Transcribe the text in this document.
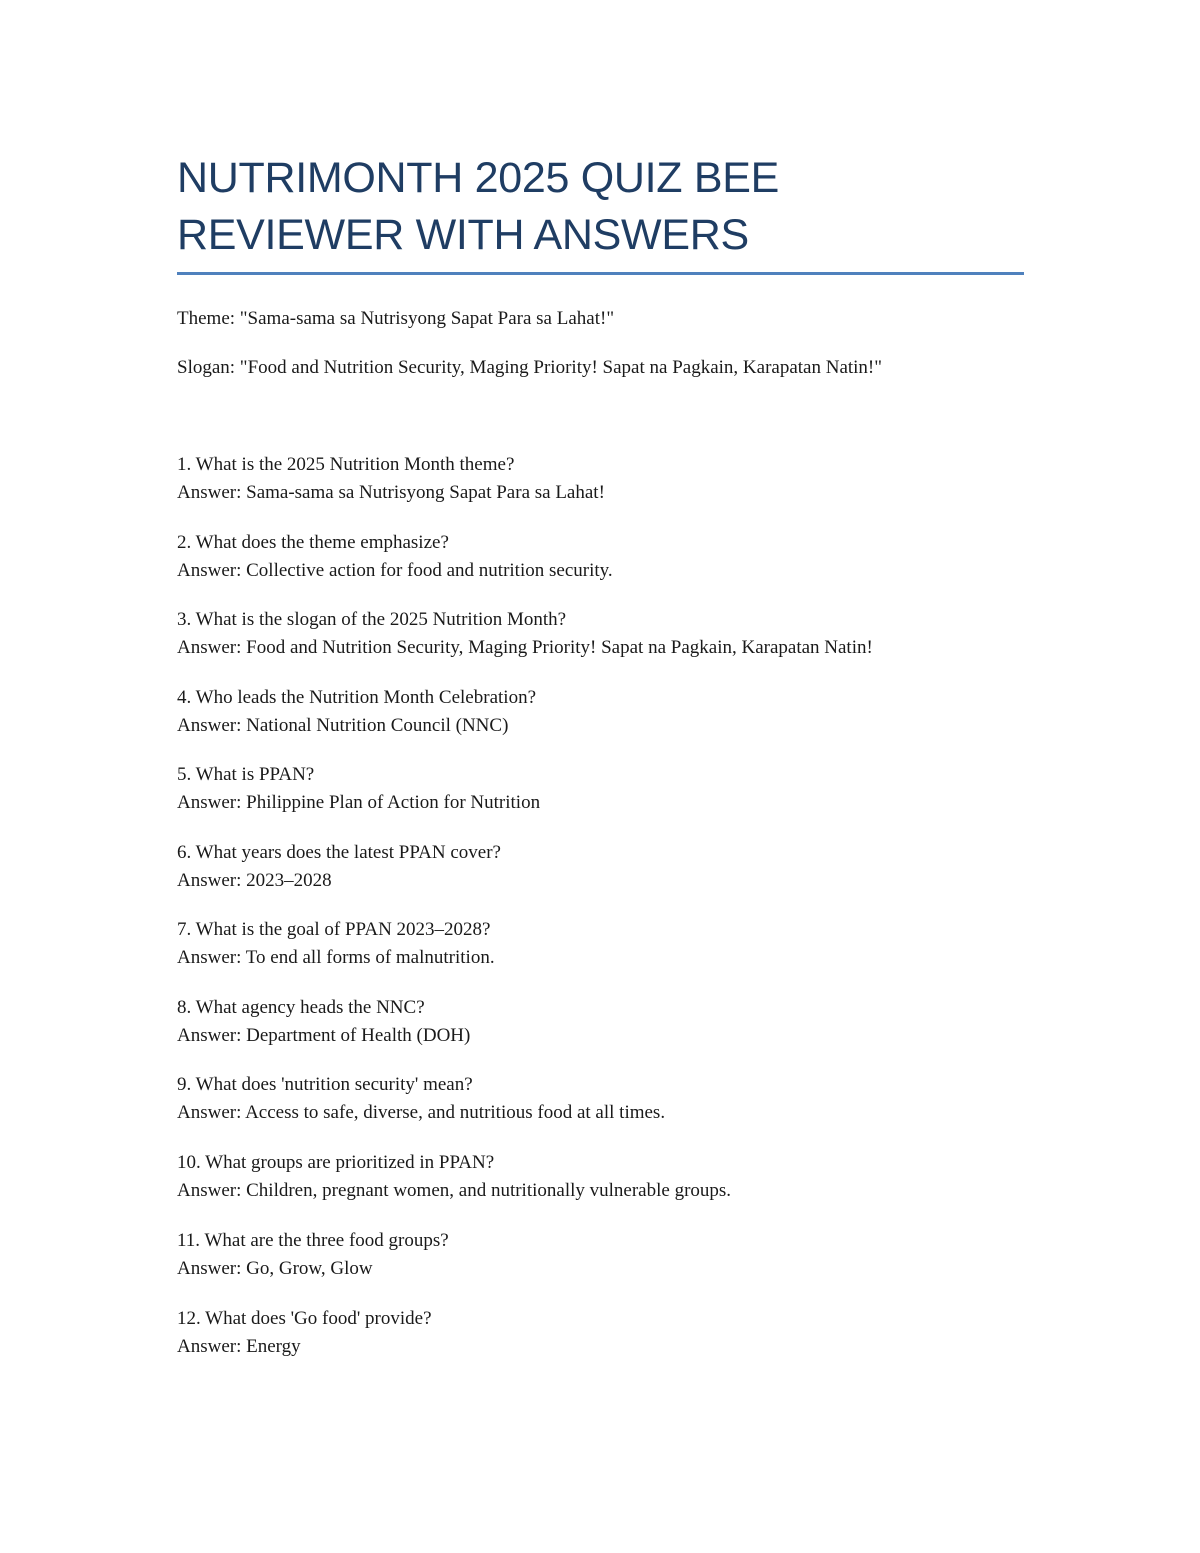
NUTRIMONTH 2025 QUIZ BEE
REVIEWER WITH ANSWERS
Theme: "Sama-sama sa Nutrisyong Sapat Para sa Lahat!"
Slogan: "Food and Nutrition Security, Maging Priority! Sapat na Pagkain, Karapatan Natin!"
1. What is the 2025 Nutrition Month theme?
Answer: Sama-sama sa Nutrisyong Sapat Para sa Lahat!
2. What does the theme emphasize?
Answer: Collective action for food and nutrition security.
3. What is the slogan of the 2025 Nutrition Month?
Answer: Food and Nutrition Security, Maging Priority! Sapat na Pagkain, Karapatan Natin!
4. Who leads the Nutrition Month Celebration?
Answer: National Nutrition Council (NNC)
5. What is PPAN?
Answer: Philippine Plan of Action for Nutrition
6. What years does the latest PPAN cover?
Answer: 2023–2028
7. What is the goal of PPAN 2023–2028?
Answer: To end all forms of malnutrition.
8. What agency heads the NNC?
Answer: Department of Health (DOH)
9. What does 'nutrition security' mean?
Answer: Access to safe, diverse, and nutritious food at all times.
10. What groups are prioritized in PPAN?
Answer: Children, pregnant women, and nutritionally vulnerable groups.
11. What are the three food groups?
Answer: Go, Grow, Glow
12. What does 'Go food' provide?
Answer: Energy
